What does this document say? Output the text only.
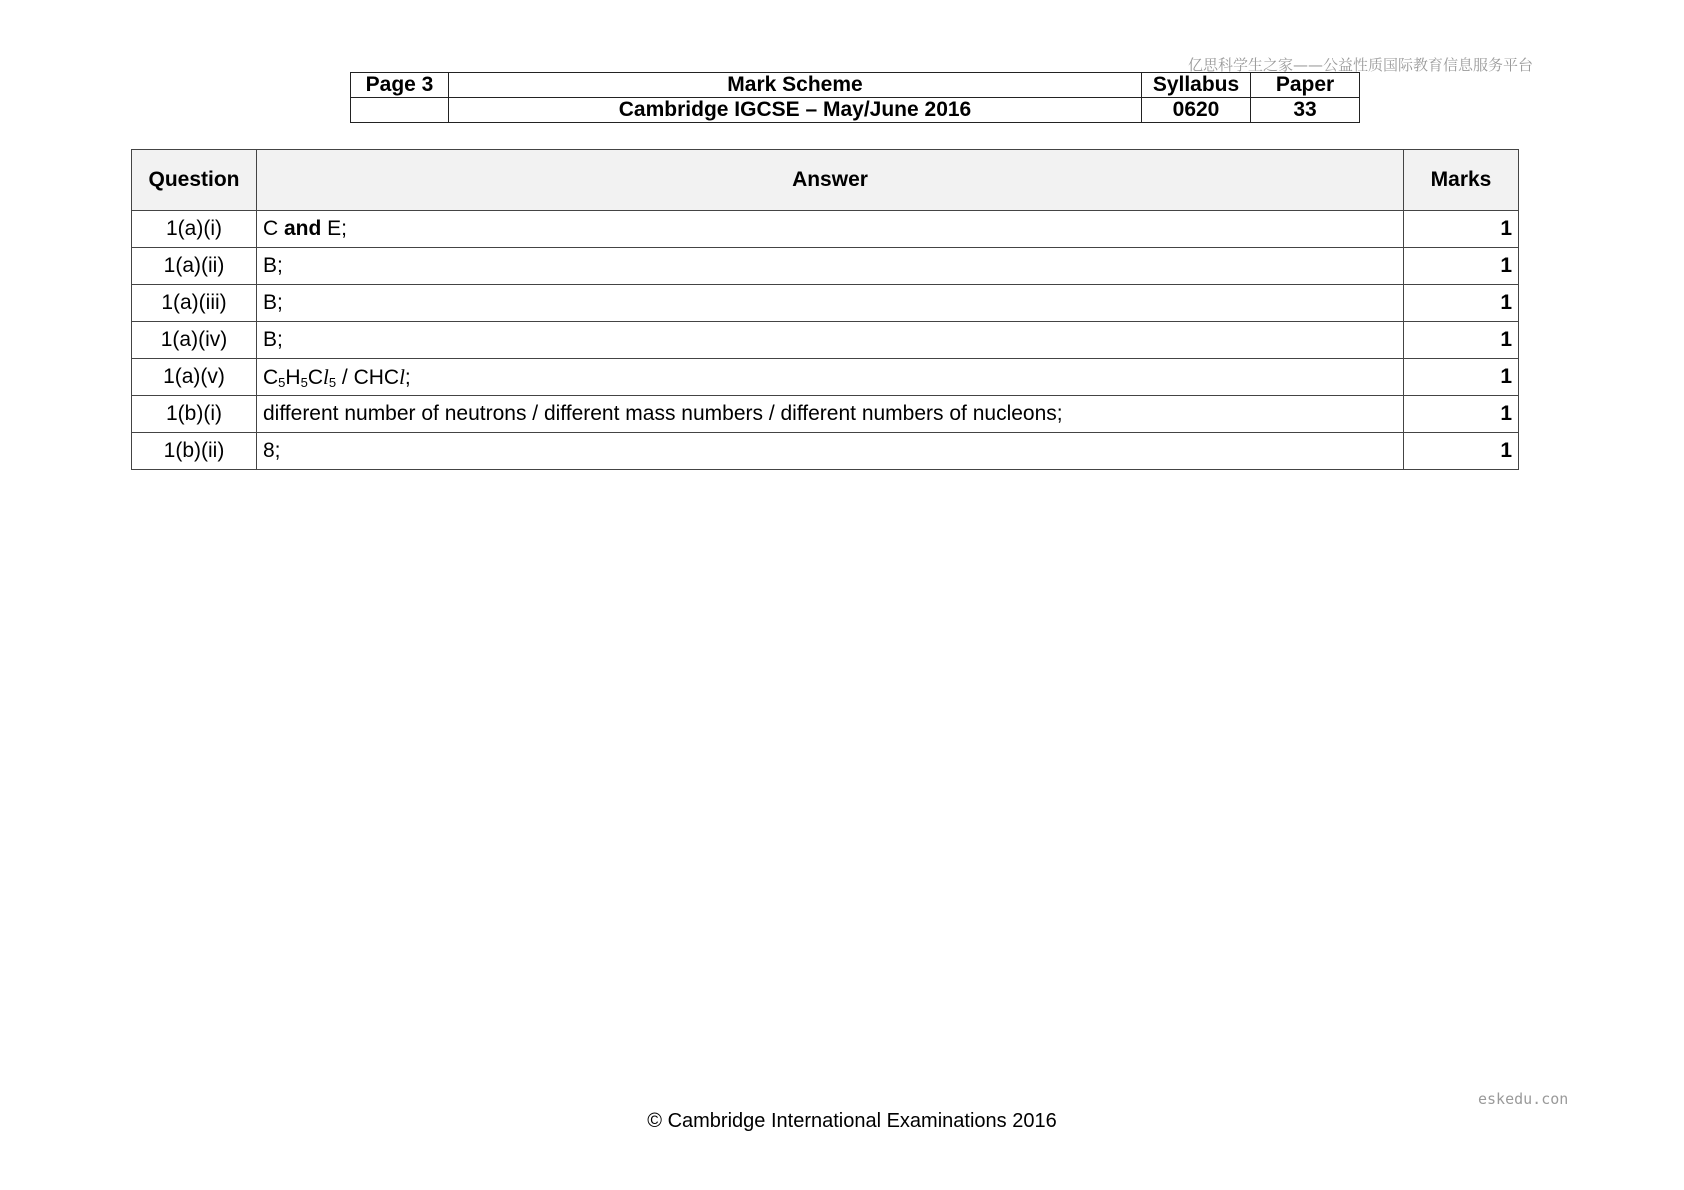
亿思科学生之家——公益性质国际教育信息服务平台
Page 3	Mark Scheme	Syllabus	Paper
	Cambridge IGCSE – May/June 2016	0620	33
Question	Answer	Marks
1(a)(i)	C and E;	1
1(a)(ii)	B;	1
1(a)(iii)	B;	1
1(a)(iv)	B;	1
1(a)(v)	$C_5H_5Cl_5$ / CHCl;	1
1(b)(i)	different number of neutrons / different mass numbers / different numbers of nucleons;	1
1(b)(ii)	8;	1
eskedu.con
© Cambridge International Examinations 2016
